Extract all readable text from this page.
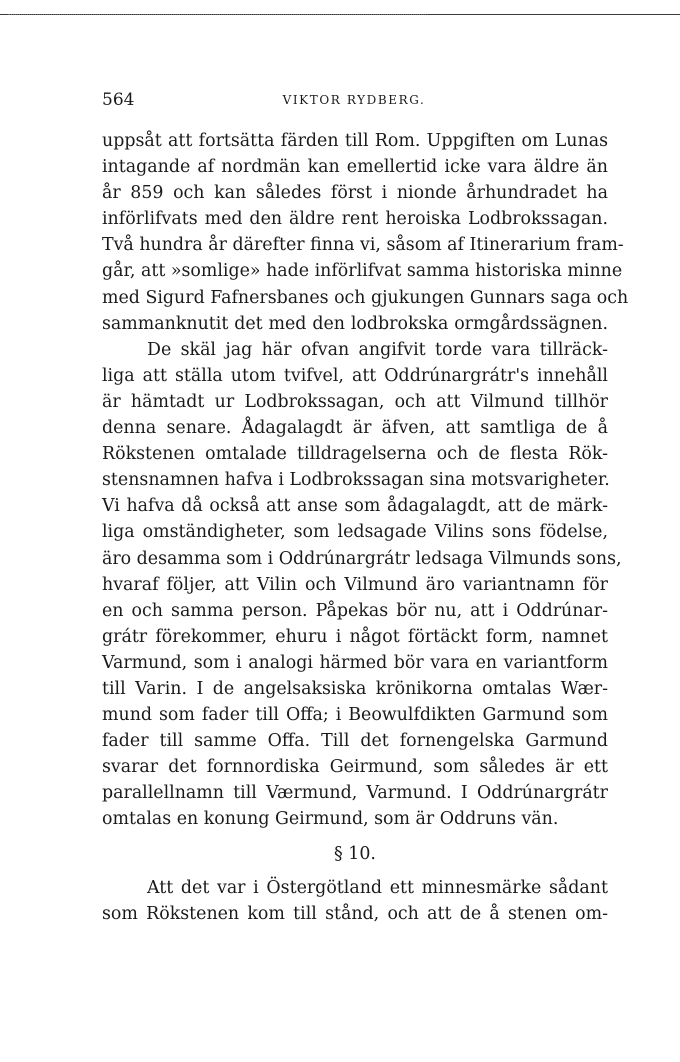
564	VIKTOR RYDBERG.
uppsåt att fortsätta färden till Rom. Uppgiften om Lunas
intagande af nordmän kan emellertid icke vara äldre än
år 859 och kan således först i nionde århundradet ha
införlifvats med den äldre rent heroiska Lodbrokssagan.
Två hundra år därefter finna vi, såsom af Itinerarium fram-
går, att »somlige» hade införlifvat samma historiska minne
med Sigurd Fafnersbanes och gjukungen Gunnars saga och
sammanknutit det med den lodbrokska ormgårdssägnen.
De skäl jag här ofvan angifvit torde vara tillräck-
liga att ställa utom tvifvel, att Oddrúnargrátr's innehåll
är hämtadt ur Lodbrokssagan, och att Vilmund tillhör
denna senare. Ådagalagdt är äfven, att samtliga de å
Rökstenen omtalade tilldragelserna och de flesta Rök-
stensnamnen hafva i Lodbrokssagan sina motsvarigheter.
Vi hafva då också att anse som ådagalagdt, att de märk-
liga omständigheter, som ledsagade Vilins sons födelse,
äro desamma som i Oddrúnargrátr ledsaga Vilmunds sons,
hvaraf följer, att Vilin och Vilmund äro variantnamn för
en och samma person. Påpekas bör nu, att i Oddrúnar-
grátr förekommer, ehuru i något förtäckt form, namnet
Varmund, som i analogi härmed bör vara en variantform
till Varin. I de angelsaksiska krönikorna omtalas Wær-
mund som fader till Offa; i Beowulfdikten Garmund som
fader till samme Offa. Till det fornengelska Garmund
svarar det fornnordiska Geirmund, som således är ett
parallellnamn till Værmund, Varmund. I Oddrúnargrátr
omtalas en konung Geirmund, som är Oddruns vän.
§ 10.
Att det var i Östergötland ett minnesmärke sådant
som Rökstenen kom till stånd, och att de å stenen om-
